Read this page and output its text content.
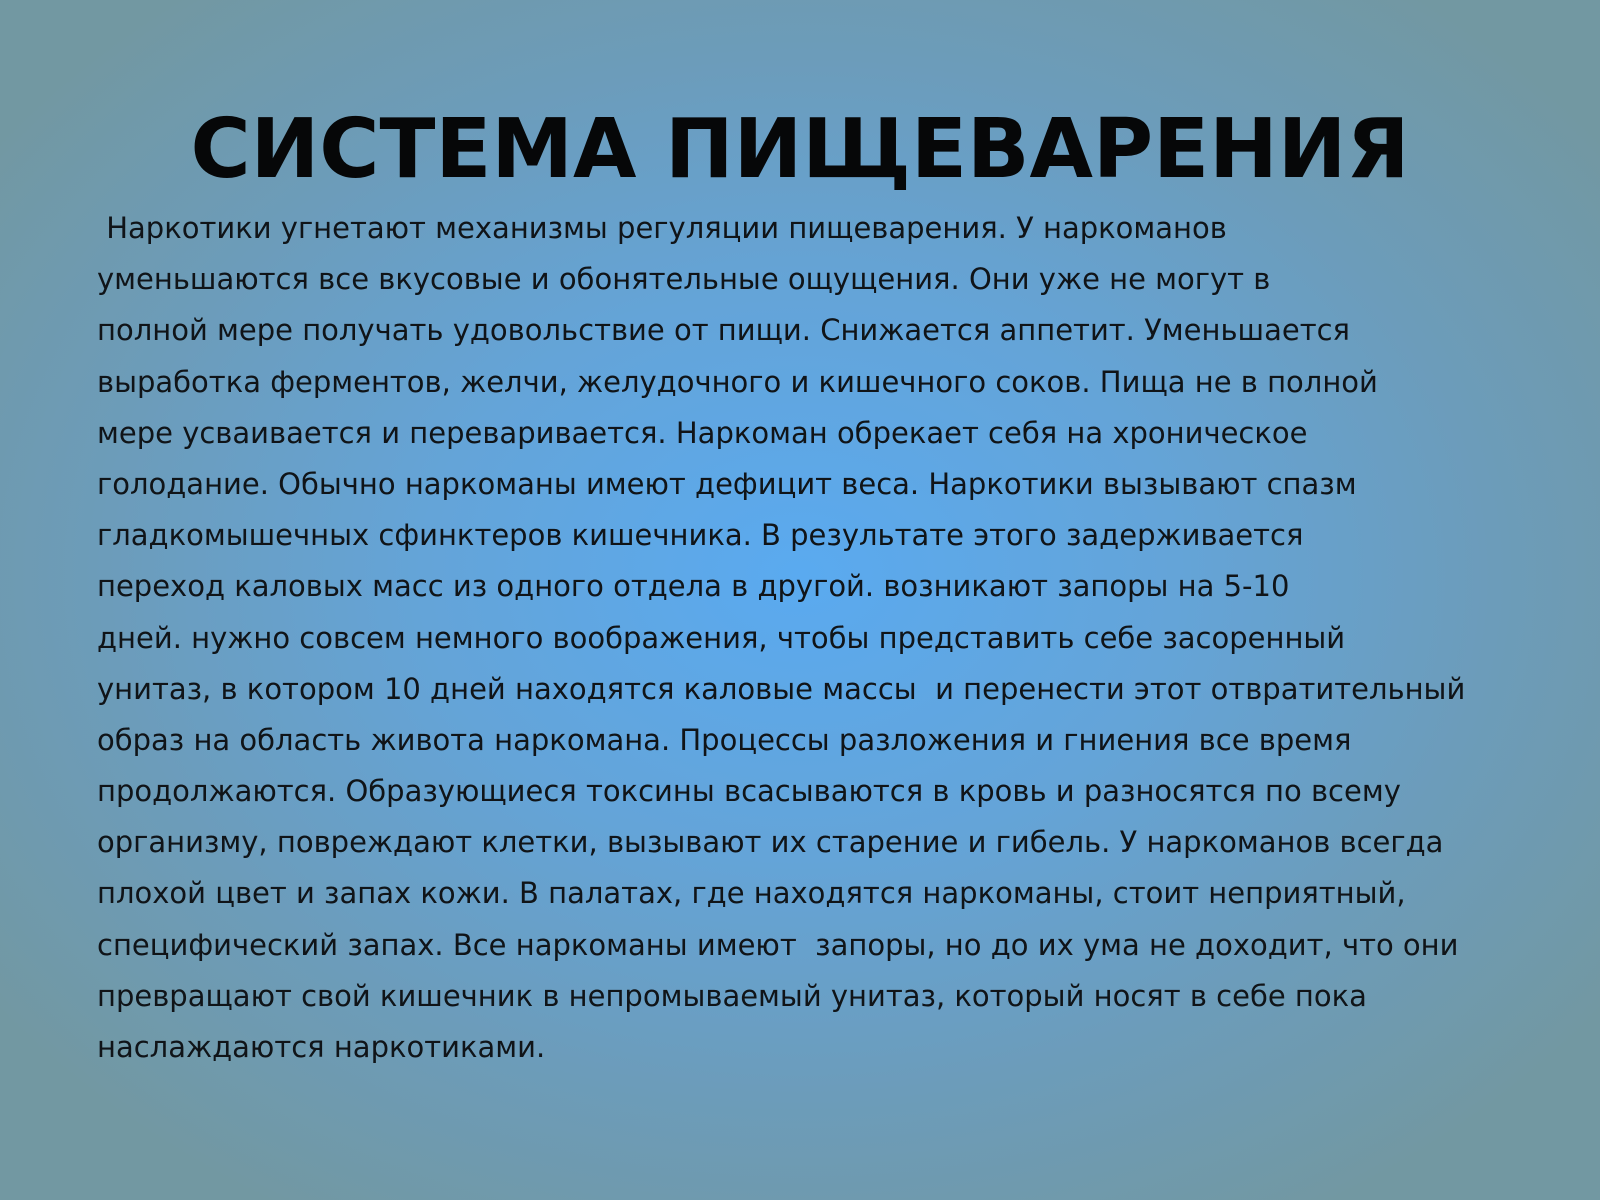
СИСТЕМА ПИЩЕВАРЕНИЯ
Наркотики угнетают механизмы регуляции пищеварения. У наркоманов
уменьшаются все вкусовые и обонятельные ощущения. Они уже не могут в
полной мере получать удовольствие от пищи. Снижается аппетит. Уменьшается
выработка ферментов, желчи, желудочного и кишечного соков. Пища не в полной
мере усваивается и переваривается. Наркоман обрекает себя на хроническое
голодание. Обычно наркоманы имеют дефицит веса. Наркотики вызывают спазм
гладкомышечных сфинктеров кишечника. В результате этого задерживается
переход каловых масс из одного отдела в другой. возникают запоры на 5-10
дней. нужно совсем немного воображения, чтобы представить себе засоренный
унитаз, в котором 10 дней находятся каловые массы  и перенести этот отвратительный
образ на область живота наркомана. Процессы разложения и гниения все время
продолжаются. Образующиеся токсины всасываются в кровь и разносятся по всему
организму, повреждают клетки, вызывают их старение и гибель. У наркоманов всегда
плохой цвет и запах кожи. В палатах, где находятся наркоманы, стоит неприятный,
специфический запах. Все наркоманы имеют  запоры, но до их ума не доходит, что они
превращают свой кишечник в непромываемый унитаз, который носят в себе пока
наслаждаются наркотиками.
